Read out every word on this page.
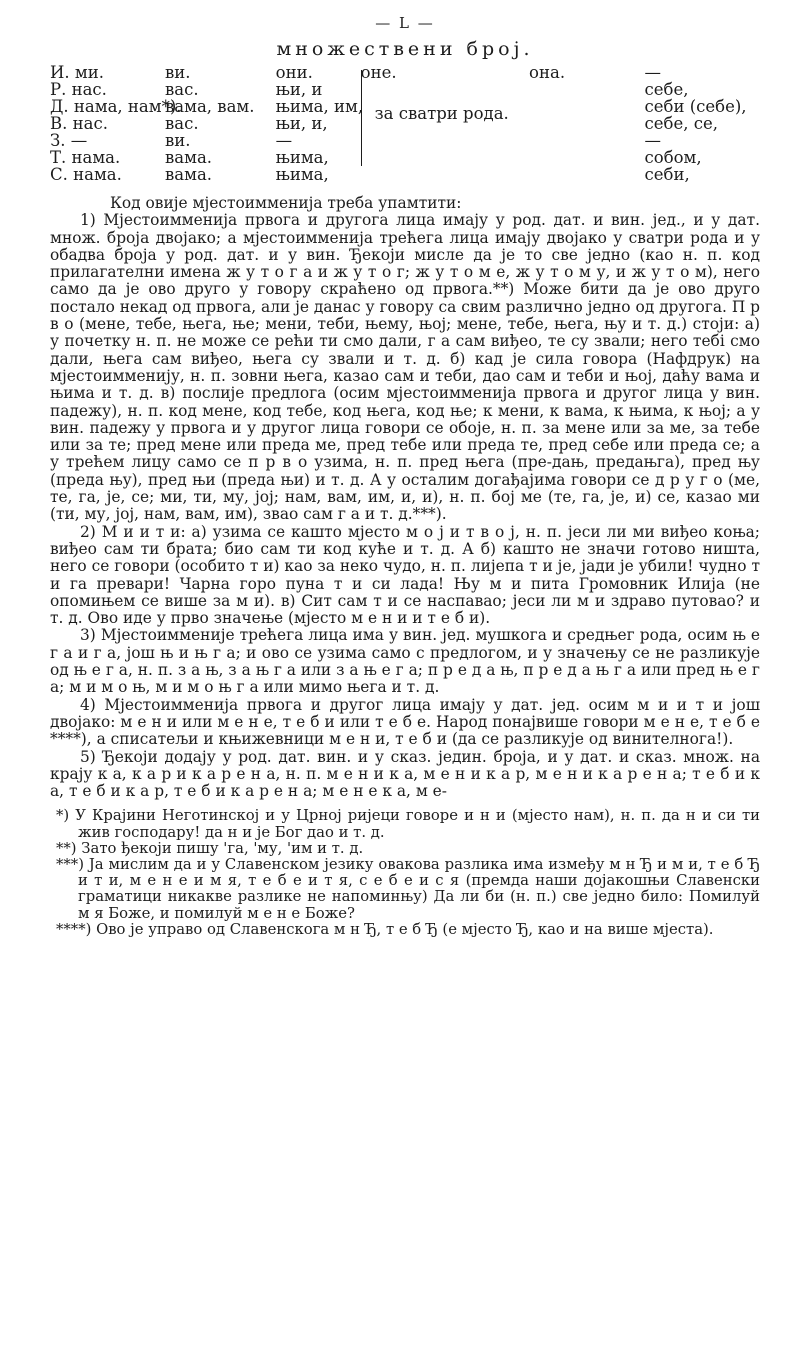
— L —
множествени број.
И. ми.
Р. нас.
Д. нама, нам*).
В. нас.
З. —
Т. нама.
С. нама.
ви.
вас.
вама, вам.
вас.
ви.
вама.
вама.
они.
њи, и
њима, им,
њи, и,
—
њима,
њима,
оне.
за сватри рода.
она.	—
себе,
себи (себе),
себе, се,
—
собом,
себи,

Код овије мјестоимменија треба упамтити:

1) Мјестоимменија првога и другога лица имају у род. дат. и вин. јед., и у дат. множ. броја двојако; а мјестоимменија трећега лица имају двојако у сватри рода и у обадва броја у род. дат. и у вин. Ђекоји мисле да је то све једно (као н. п. код прилагателни имена ж у т о г а и ж у т о г; ж у т о м е, ж у т о м у, и ж у т о м), него само да је ово друго у говору скраћено од првога.**) Може бити да је ово друго постало некад од првога, али је данас у говору са свим различно једно од другога. П р в о (мене, тебе, њега, ње; мени, теби, њему, њој; мене, тебе, њега, њу и т. д.) стоји: а) у почетку н. п. не може се рећи ти смо дали, г а сам виђео, те су звали; него тебi смо дали, њега сам виђео, њега су звали и т. д. б) кад је сила говора (Нафдрук) на мјестоимменију, н. п. зовни њега, казао сам и теби, дао сам и теби и њој, даћу вама и њима и т. д. в) послије предлога (осим мјестоимменија првога и другог лица у вин. падежу), н. п. код мене, код тебе, код њега, код ње; к мени, к вама, к њима, к њој; а у вин. падежу у првога и у другог лица говори се обоје, н. п. за мене или за ме, за тебе или за те; пред мене или преда ме, пред тебе или преда те, пред себе или преда се; а у трећем лицу само се п р в о узима, н. п. пред њега (пре-дањ, предањга), пред њу (преда њу), пред њи (преда њи) и т. д. А у осталим догађајима говори се д р у г о (ме, те, га, је, се; ми, ти, му, јој; нам, вам, им, и, и), н. п. бој ме (те, га, је, и) се, казао ми (ти, му, јој, нам, вам, им), звао сам г а и т. д.***).

2) М и и т и: а) узима се кашто мјесто м о ј и т в о ј, н. п. јеси ли ми виђео коња; виђео сам ти брата; био сам ти код куће и т. д. А б) кашто не значи готово ништа, него се говори (особито т и) као за неко чудо, н. п. лијепа т и је, јади је убили! чудно т и га превари! Чарна горо пуна т и си лада! Њу м и пита Громовник Илија (не опомињем се више за м и). в) Сит сам т и се наспавао; јеси ли м и здраво путовао? и т. д. Ово иде у прво значење (мјесто м е н и и т е б и).

3) Мјестоимменије трећега лица има у вин. јед. мушкога и средњег рода, осим њ е г а и г а, још њ и њ г а; и ово се узима само с предлогом, и у значењу се не разликује од њ е г а, н. п. з а њ, з а њ г а или з а њ е г а; п р е д а њ, п р е д а њ г а или пред њ е г а; м и м о њ, м и м о њ г а или мимо њега и т. д.

4) Мјестоимменија првога и другог лица имају у дат. јед. осим м и и т и још двојако: м е н и или м е н е, т е б и или т е б е. Народ понајвише говори м е н е, т е б е ****), а списатељи и књижевници м е н и, т е б и (да се разликује од винителнога!).

5) Ђекоји додају у род. дат. вин. и у сказ. једин. броја, и у дат. и сказ. множ. на крају к а, к а р и к а р е н а, н. п. м е н и к а, м е н и к а р, м е н и к а р е н а; т е б и к а, т е б и к а р, т е б и к а р е н а; м е н е к а, м е-

*) У Крајини Неготинској и у Црној ријеци говоре и н и (мјесто нам), н. п. да н и си ти жив господару! да н и је Бог дао и т. д.

**) Зато ђекоји пишу 'га, 'му, 'им и т. д.

***) Ја мислим да и у Славенском језику овакова разлика има између м н Ђ и м и, т е б Ђ и т и, м е н е и м я, т е б е и т я, с е б е и с я (премда наши дојакошњи Славенски граматици никакве разлике не напоминњу) Да ли би (н. п.) све једно било: Помилуй м я Боже, и помилуй м е н е Боже?

****) Ово је управо од Славенскога м н Ђ, т е б Ђ (е мјесто Ђ, као и на више мјеста).
